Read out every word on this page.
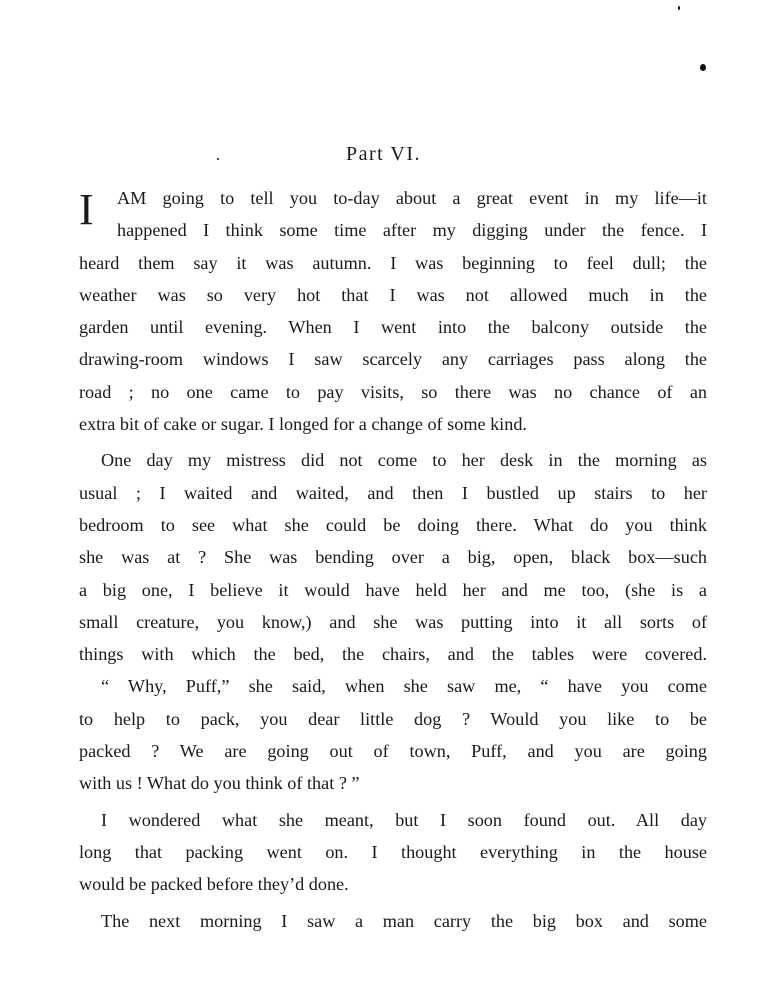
Part VI.
I	AM going to tell you to-day about a great event in my life—it
happened I think some time after my digging under the fence. I
heard them say it was autumn. I was beginning to feel dull; the
weather was so very hot that I was not allowed much in the
garden until evening. When I went into the balcony outside the
drawing-room windows I saw scarcely any carriages pass along the
road ; no one came to pay visits, so there was no chance of an
extra bit of cake or sugar. I longed for a change of some kind.
One day my mistress did not come to her desk in the morning as
usual ; I waited and waited, and then I bustled up stairs to her
bedroom to see what she could be doing there. What do you think
she was at ? She was bending over a big, open, black box—such
a big one, I believe it would have held her and me too, (she is a
small creature, you know,) and she was putting into it all sorts of
things with which the bed, the chairs, and the tables were covered.
“ Why, Puff,” she said, when she saw me, “ have you come
to help to pack, you dear little dog ? Would you like to be
packed ? We are going out of town, Puff, and you are going
with us ! What do you think of that ? ”
I wondered what she meant, but I soon found out. All day
long that packing went on. I thought everything in the house
would be packed before they’d done.
The next morning I saw a man carry the big box and some
